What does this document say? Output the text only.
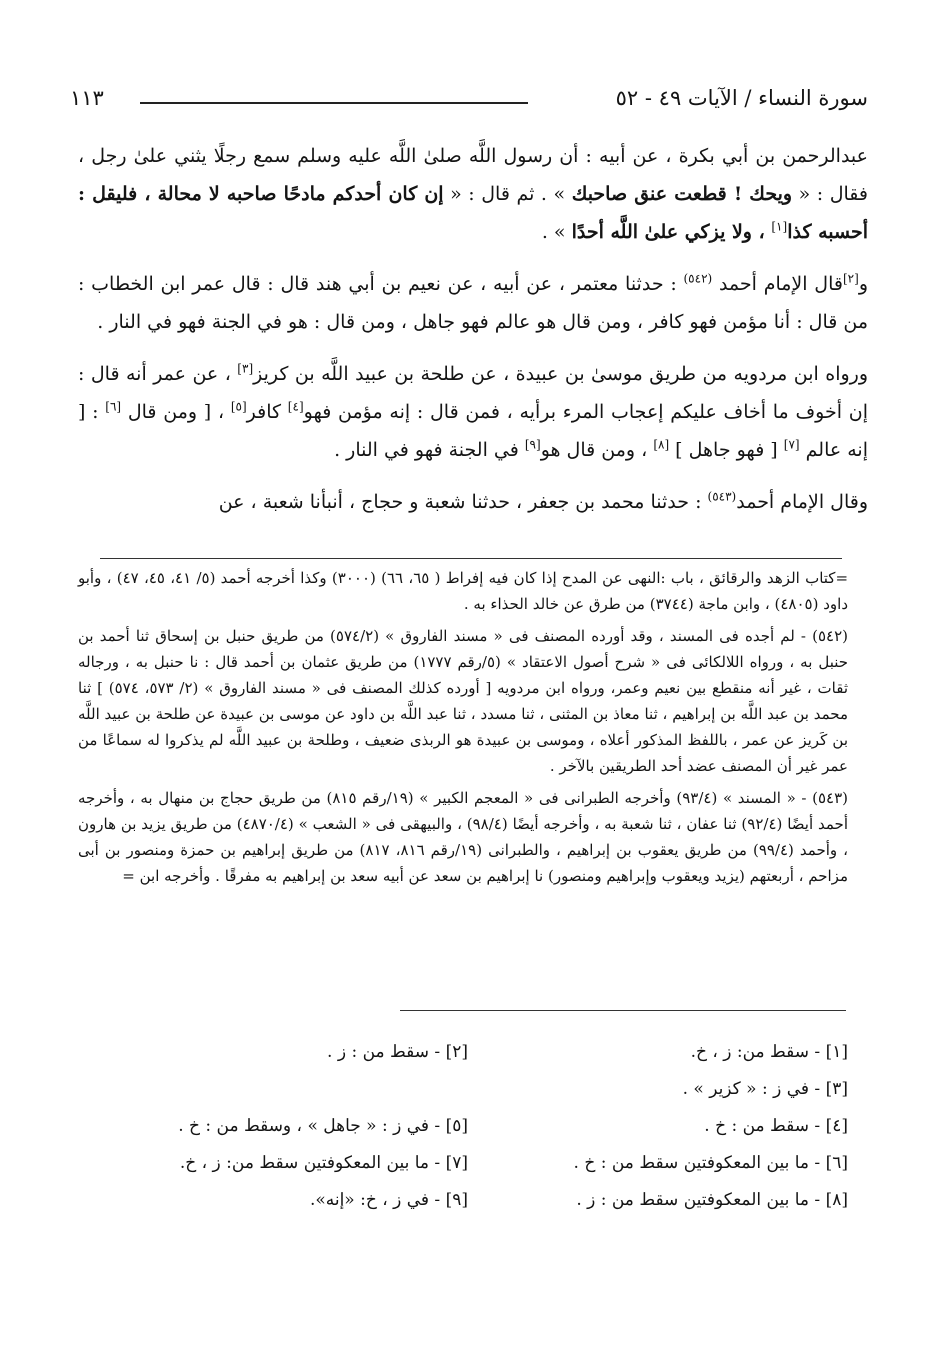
سورة النساء / الآيات ٤٩ - ٥٢
١١٣

عبدالرحمن بن أبي بكرة ، عن أبيه : أن رسول اللَّه صلىٰ اللَّه عليه وسلم سمع رجلًا يثني علىٰ رجل ، فقال : « ويحك ! قطعت عنق صاحبك » . ثم قال : « إن كان أحدكم مادحًا صاحبه لا محالة ، فليقل : أحسبه كذا[١] ، ولا يزكي علىٰ اللَّه أحدًا » .

و[٢]قال الإمام أحمد $^{(٥٤٢)}$ : حدثنا معتمر ، عن أبيه ، عن نعيم بن أبي هند قال : قال عمر ابن الخطاب : من قال : أنا مؤمن فهو كافر ، ومن قال هو عالم فهو جاهل ، ومن قال : هو في الجنة فهو في النار .

ورواه ابن مردويه من طريق موسىٰ بن عبيدة ، عن طلحة بن عبيد اللَّه بن كريز[٣] ، عن عمر أنه قال : إن أخوف ما أخاف عليكم إعجاب المرء برأيه ، فمن قال : إنه مؤمن فهو[٤] كافر[٥] ، [ ومن قال [٦] : [ إنه عالم [٧] [ فهو جاهل ] [٨] ، ومن قال هو[٩] في الجنة فهو في النار .

وقال الإمام أحمد$^{(٥٤٣)}$ : حدثنا محمد بن جعفر ، حدثنا شعبة و حجاج ، أنبأنا شعبة ، عن

=كتاب الزهد والرقائق ، باب :النهى عن المدح إذا كان فيه إفراط ( ٦٥، ٦٦) (٣٠٠٠) وكذا أخرجه أحمد (٥/ ٤١، ٤٥، ٤٧) ، وأبو داود (٤٨٠٥) ، وابن ماجة (٣٧٤٤) من طرق عن خالد الحذاء به .

(٥٤٢) - لم أجده فى المسند ، وقد أورده المصنف فى « مسند الفاروق » (٥٧٤/٢) من طريق حنبل بن إسحاق ثنا أحمد بن حنبل به ، ورواه اللالكائى فى « شرح أصول الاعتقاد » (٥/رقم ١٧٧٧) من طريق عثمان بن أحمد قال : نا حنبل به ، ورجاله ثقات ، غير أنه منقطع بين نعيم وعمر، ورواه ابن مردويه [ أورده كذلك المصنف فى « مسند الفاروق » (٢/ ٥٧٣، ٥٧٤) ] ثنا محمد بن عبد اللَّه بن إبراهيم ، ثنا معاذ بن المثنى ، ثنا مسدد ، ثنا عبد اللَّه بن داود عن موسى بن عبيدة عن طلحة بن عبيد اللَّه بن كَريز عن عمر ، باللفظ المذكور أعلاه ، وموسى بن عبيدة هو الربذى ضعيف ، وطلحة بن عبيد اللَّه لم يذكروا له سماعًا من عمر غير أن المصنف عضد أحد الطريقين بالآخر .

(٥٤٣) - « المسند » (٩٣/٤) وأخرجه الطبرانى فى « المعجم الكبير » (١٩/رقم ٨١٥) من طريق حجاج بن منهال به ، وأخرجه أحمد أيضًا (٩٢/٤) ثنا عفان ، ثنا شعبة به ، وأخرجه أيضًا (٩٨/٤) ، والبيهقى فى « الشعب » (٤٨٧٠/٤) من طريق يزيد بن هارون ، وأحمد (٩٩/٤) من طريق يعقوب بن إبراهيم ، والطبرانى (١٩/رقم ٨١٦، ٨١٧) من طريق إبراهيم بن حمزة ومنصور بن أبى مزاحم ، أربعتهم (يزيد ويعقوب وإبراهيم ومنصور) نا إبراهيم بن سعد عن أبيه سعد بن إبراهيم به مفرقًا . وأخرجه ابن =

[١] - سقط من: ز ، خ.
[٢] - سقط من : ز .
[٣] - في ز : « كزير » .
[٤] - سقط من : خ .
[٥] - في ز : « جاهل » ، وسقط من : خ .
[٦] - ما بين المعكوفتين سقط من : خ .
[٧] - ما بين المعكوفتين سقط من: ز ، خ.
[٨] - ما بين المعكوفتين سقط من : ز .
[٩] - في ز ، خ: «إنه».
